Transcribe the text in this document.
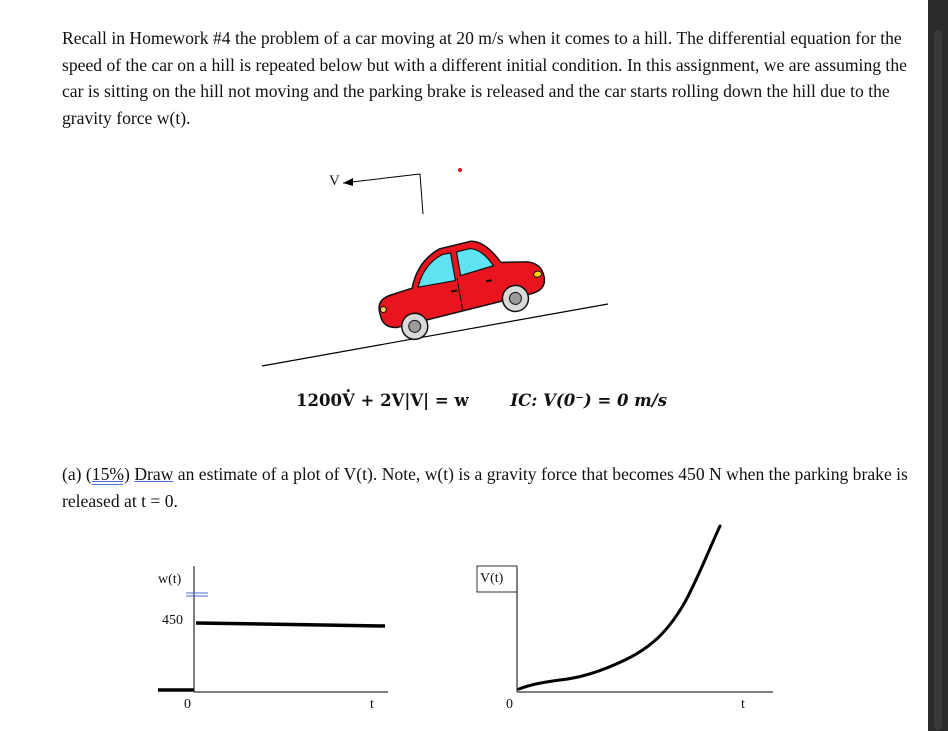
Recall in Homework #4 the problem of a car moving at 20 m/s when it comes to a hill. The differential equation for the speed of the car on a hill is repeated below but with a different initial condition. In this assignment, we are assuming the car is sitting on the hill not moving and the parking brake is released and the car starts rolling down the hill due to the gravity force w(t).

V
1200· V + 2V|V| = w	IC: V(0⁻) = 0 m/s

(a) (15%) Draw an estimate of a plot of V(t). Note, w(t) is a gravity force that becomes 450 N when the parking brake is released at t = 0.

w(t)
450
0	t
V(t)
0	t
